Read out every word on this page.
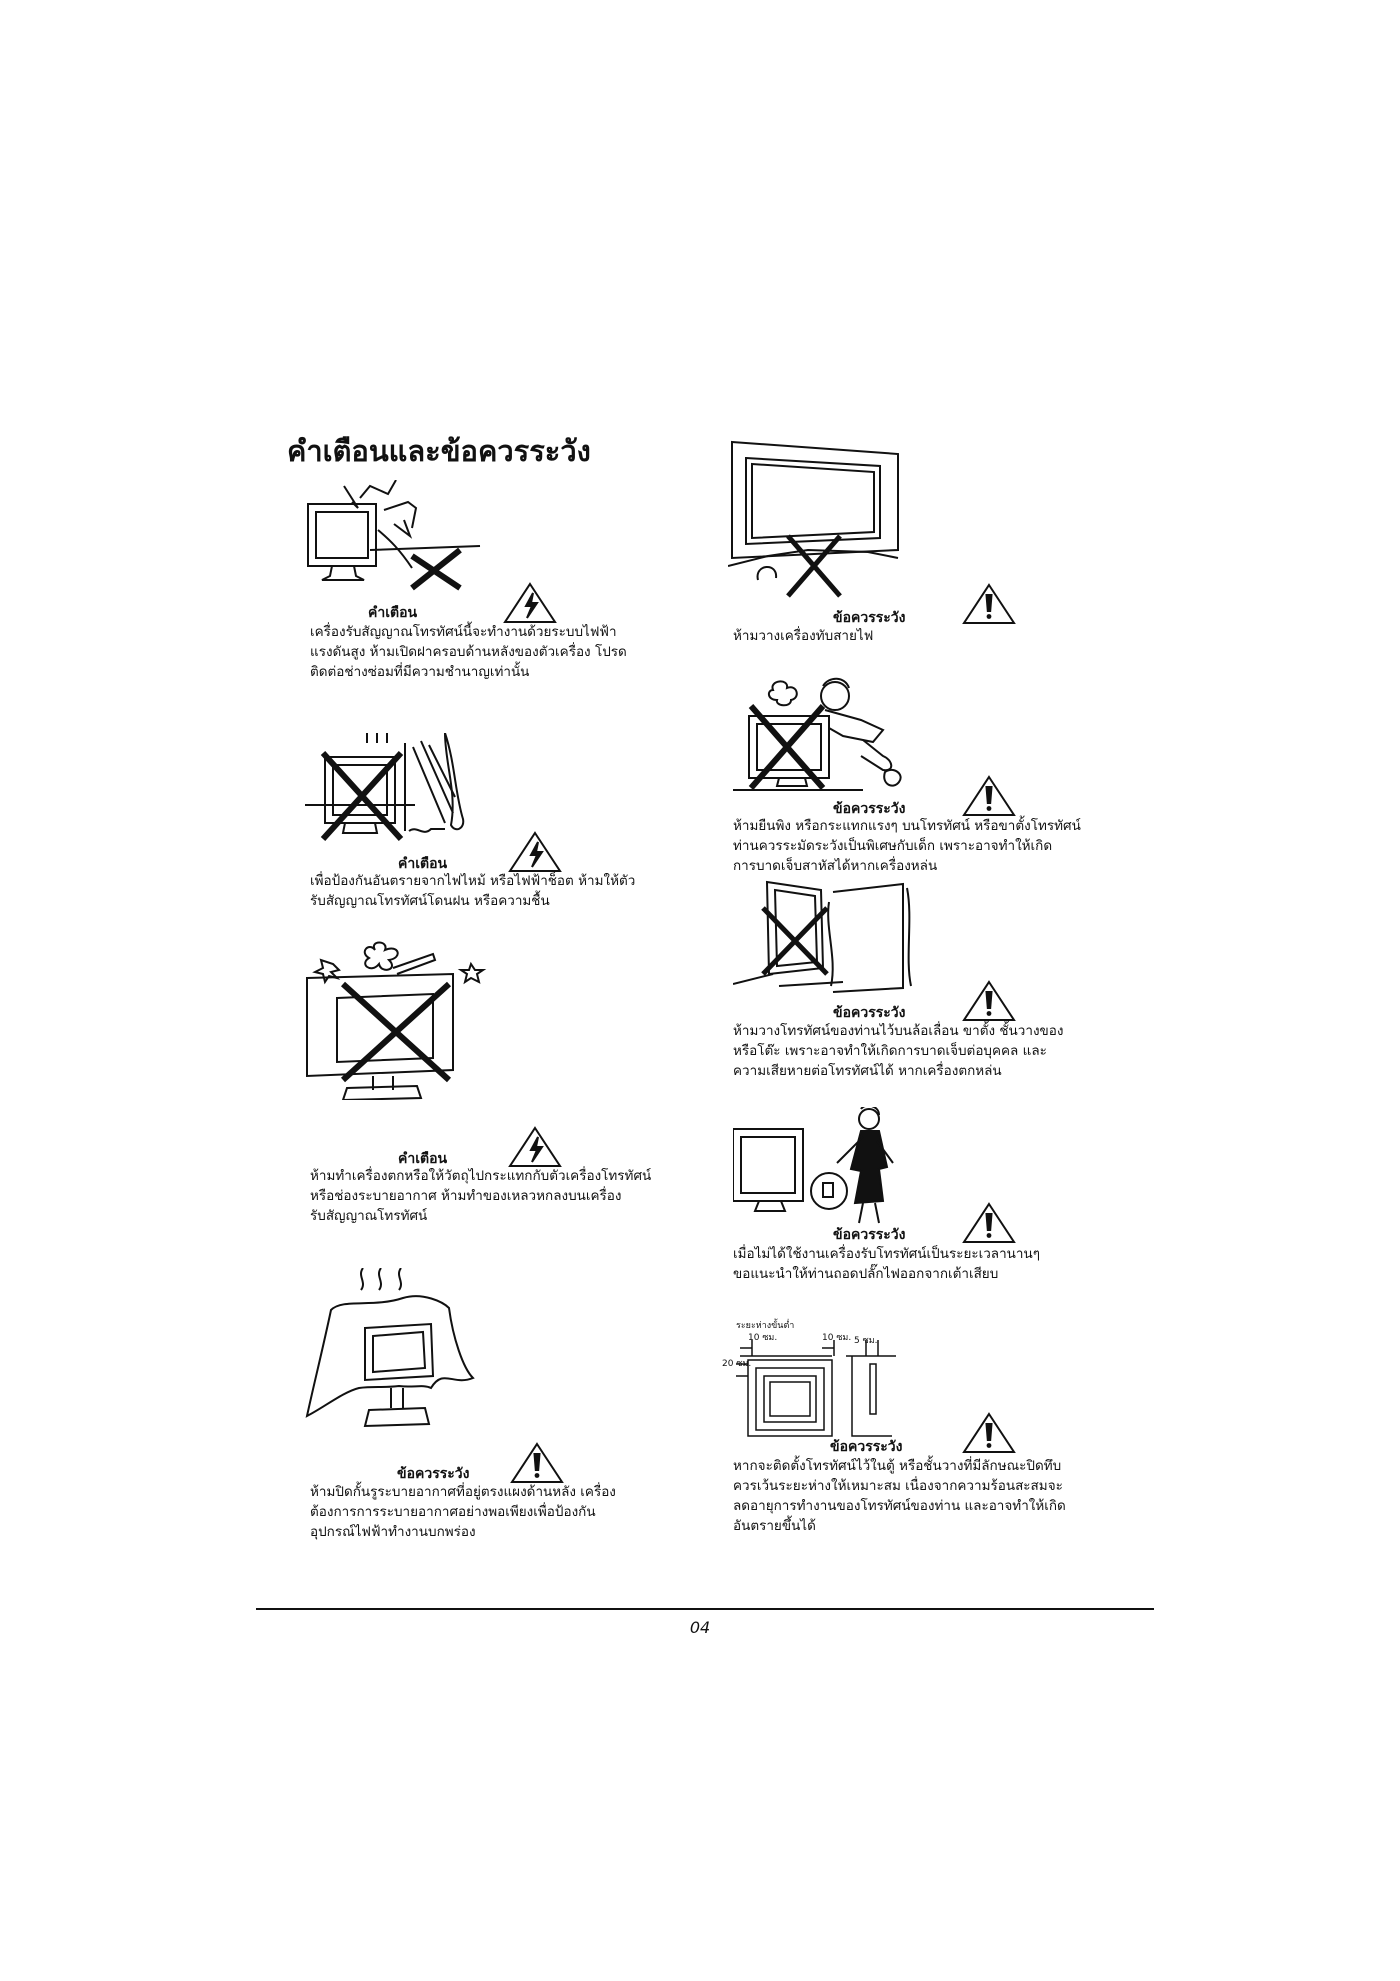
คำเตือนและข้อควรระวัง
คำเตือน
เครื่องรับสัญญาณโทรทัศน์นี้จะทำงานด้วยระบบไฟฟ้า
แรงดันสูง ห้ามเปิดฝาครอบด้านหลังของตัวเครื่อง โปรด
ติดต่อช่างซ่อมที่มีความชำนาญเท่านั้น
คำเตือน
เพื่อป้องกันอันตรายจากไฟไหม้ หรือไฟฟ้าช็อต ห้ามให้ตัว
รับสัญญาณโทรทัศน์โดนฝน หรือความชื้น
คำเตือน
ห้ามทำเครื่องตกหรือให้วัตถุไปกระแทกกับตัวเครื่องโทรทัศน์
หรือช่องระบายอากาศ ห้ามทำของเหลวหกลงบนเครื่อง
รับสัญญาณโทรทัศน์
ข้อควรระวัง
ห้ามปิดกั้นรูระบายอากาศที่อยู่ตรงแผงด้านหลัง เครื่อง
ต้องการการระบายอากาศอย่างพอเพียงเพื่อป้องกัน
อุปกรณ์ไฟฟ้าทำงานบกพร่อง
ข้อควรระวัง
ห้ามวางเครื่องทับสายไฟ
ข้อควรระวัง
ห้ามยืนพิง หรือกระแทกแรงๆ บนโทรทัศน์ หรือขาตั้งโทรทัศน์
ท่านควรระมัดระวังเป็นพิเศษกับเด็ก เพราะอาจทำให้เกิด
การบาดเจ็บสาหัสได้หากเครื่องหล่น
ข้อควรระวัง
ห้ามวางโทรทัศน์ของท่านไว้บนล้อเลื่อน ขาตั้ง ชั้นวางของ
หรือโต๊ะ เพราะอาจทำให้เกิดการบาดเจ็บต่อบุคคล และ
ความเสียหายต่อโทรทัศน์ได้ หากเครื่องตกหล่น
ข้อควรระวัง
เมื่อไม่ได้ใช้งานเครื่องรับโทรทัศน์เป็นระยะเวลานานๆ
ขอแนะนำให้ท่านถอดปลั๊กไฟออกจากเต้าเสียบ
ระยะห่างขั้นต่ำ
10 ซม.	10 ซม. 5 ซม.
20 ซม.
ข้อควรระวัง
หากจะติดตั้งโทรทัศน์ไว้ในตู้ หรือชั้นวางที่มีลักษณะปิดทึบ
ควรเว้นระยะห่างให้เหมาะสม เนื่องจากความร้อนสะสมจะ
ลดอายุการทำงานของโทรทัศน์ของท่าน และอาจทำให้เกิด
อันตรายขึ้นได้
04
